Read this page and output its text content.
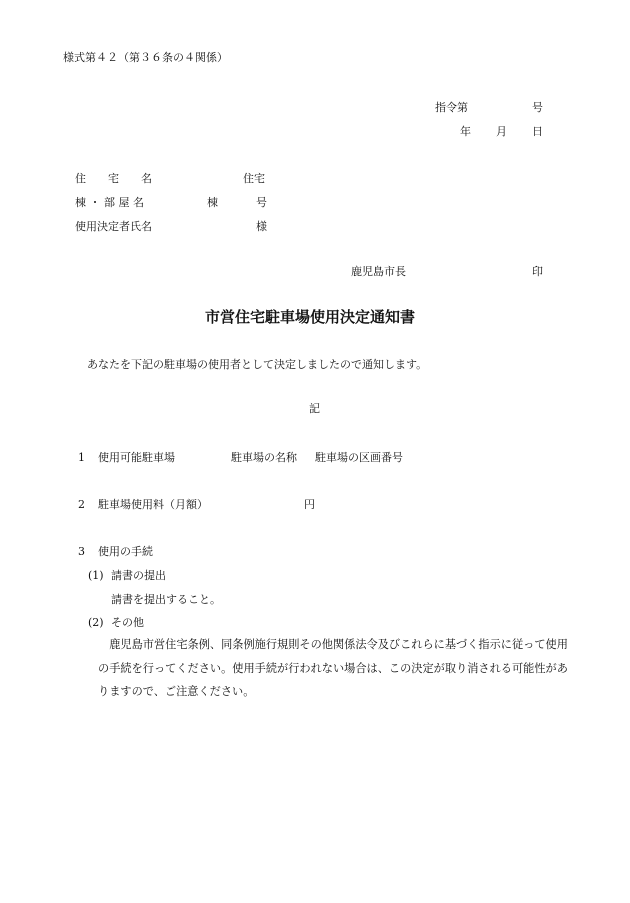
様式第４２（第３６条の４関係）
指令第	号
年 月 日
住　　宅　　名	住宅
棟 ・ 部 屋 名	棟	号
使用決定者氏名	様
鹿児島市長	印
市営住宅駐車場使用決定通知書
あなたを下記の駐車場の使用者として決定しましたので通知します。
記
1 使用可能駐車場	駐車場の名称 駐車場の区画番号
2 駐車場使用料（月額）	円
3 使用の手続
(1) 請書の提出
請書を提出すること。
(2) その他
　鹿児島市営住宅条例、同条例施行規則その他関係法令及びこれらに基づく指示に従って使用の手続を行ってください。使用手続が行われない場合は、この決定が取り消される可能性がありますので、ご注意ください。
